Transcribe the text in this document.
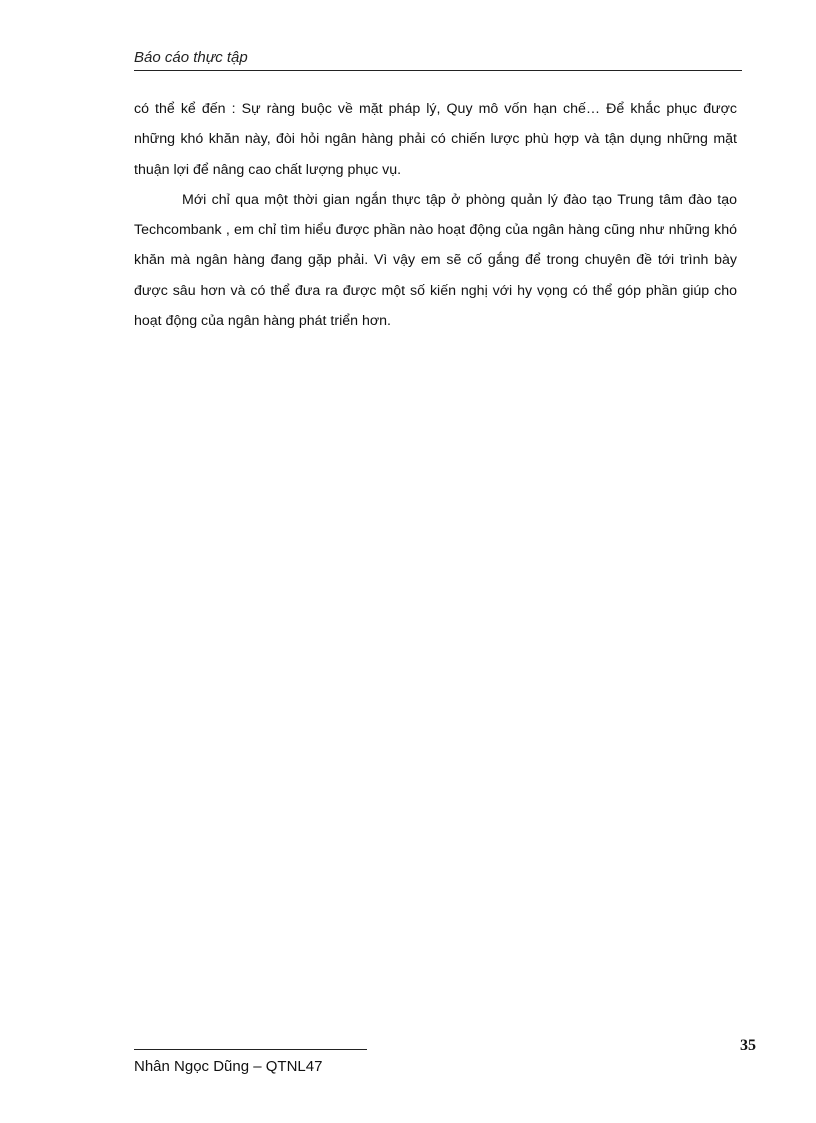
Báo cáo thực tập

có thể kể đến : Sự ràng buộc về mặt pháp lý, Quy mô vốn hạn chế… Để khắc phục được những khó khăn này, đòi hỏi ngân hàng phải có chiến lược phù hợp và tận dụng những mặt thuận lợi để nâng cao chất lượng phục vụ.

Mới chỉ qua một thời gian ngắn thực tập ở phòng quản lý đào tạo Trung tâm đào tạo Techcombank , em chỉ tìm hiểu được phần nào hoạt động của ngân hàng cũng như những khó khăn mà ngân hàng đang gặp phải. Vì vậy em sẽ cố gắng để trong chuyên đề tới trình bày được sâu hơn và có thể đưa ra được một số kiến nghị với hy vọng có thể góp phần giúp cho hoạt động của ngân hàng phát triển hơn.

35
Nhân Ngọc Dũng – QTNL47
